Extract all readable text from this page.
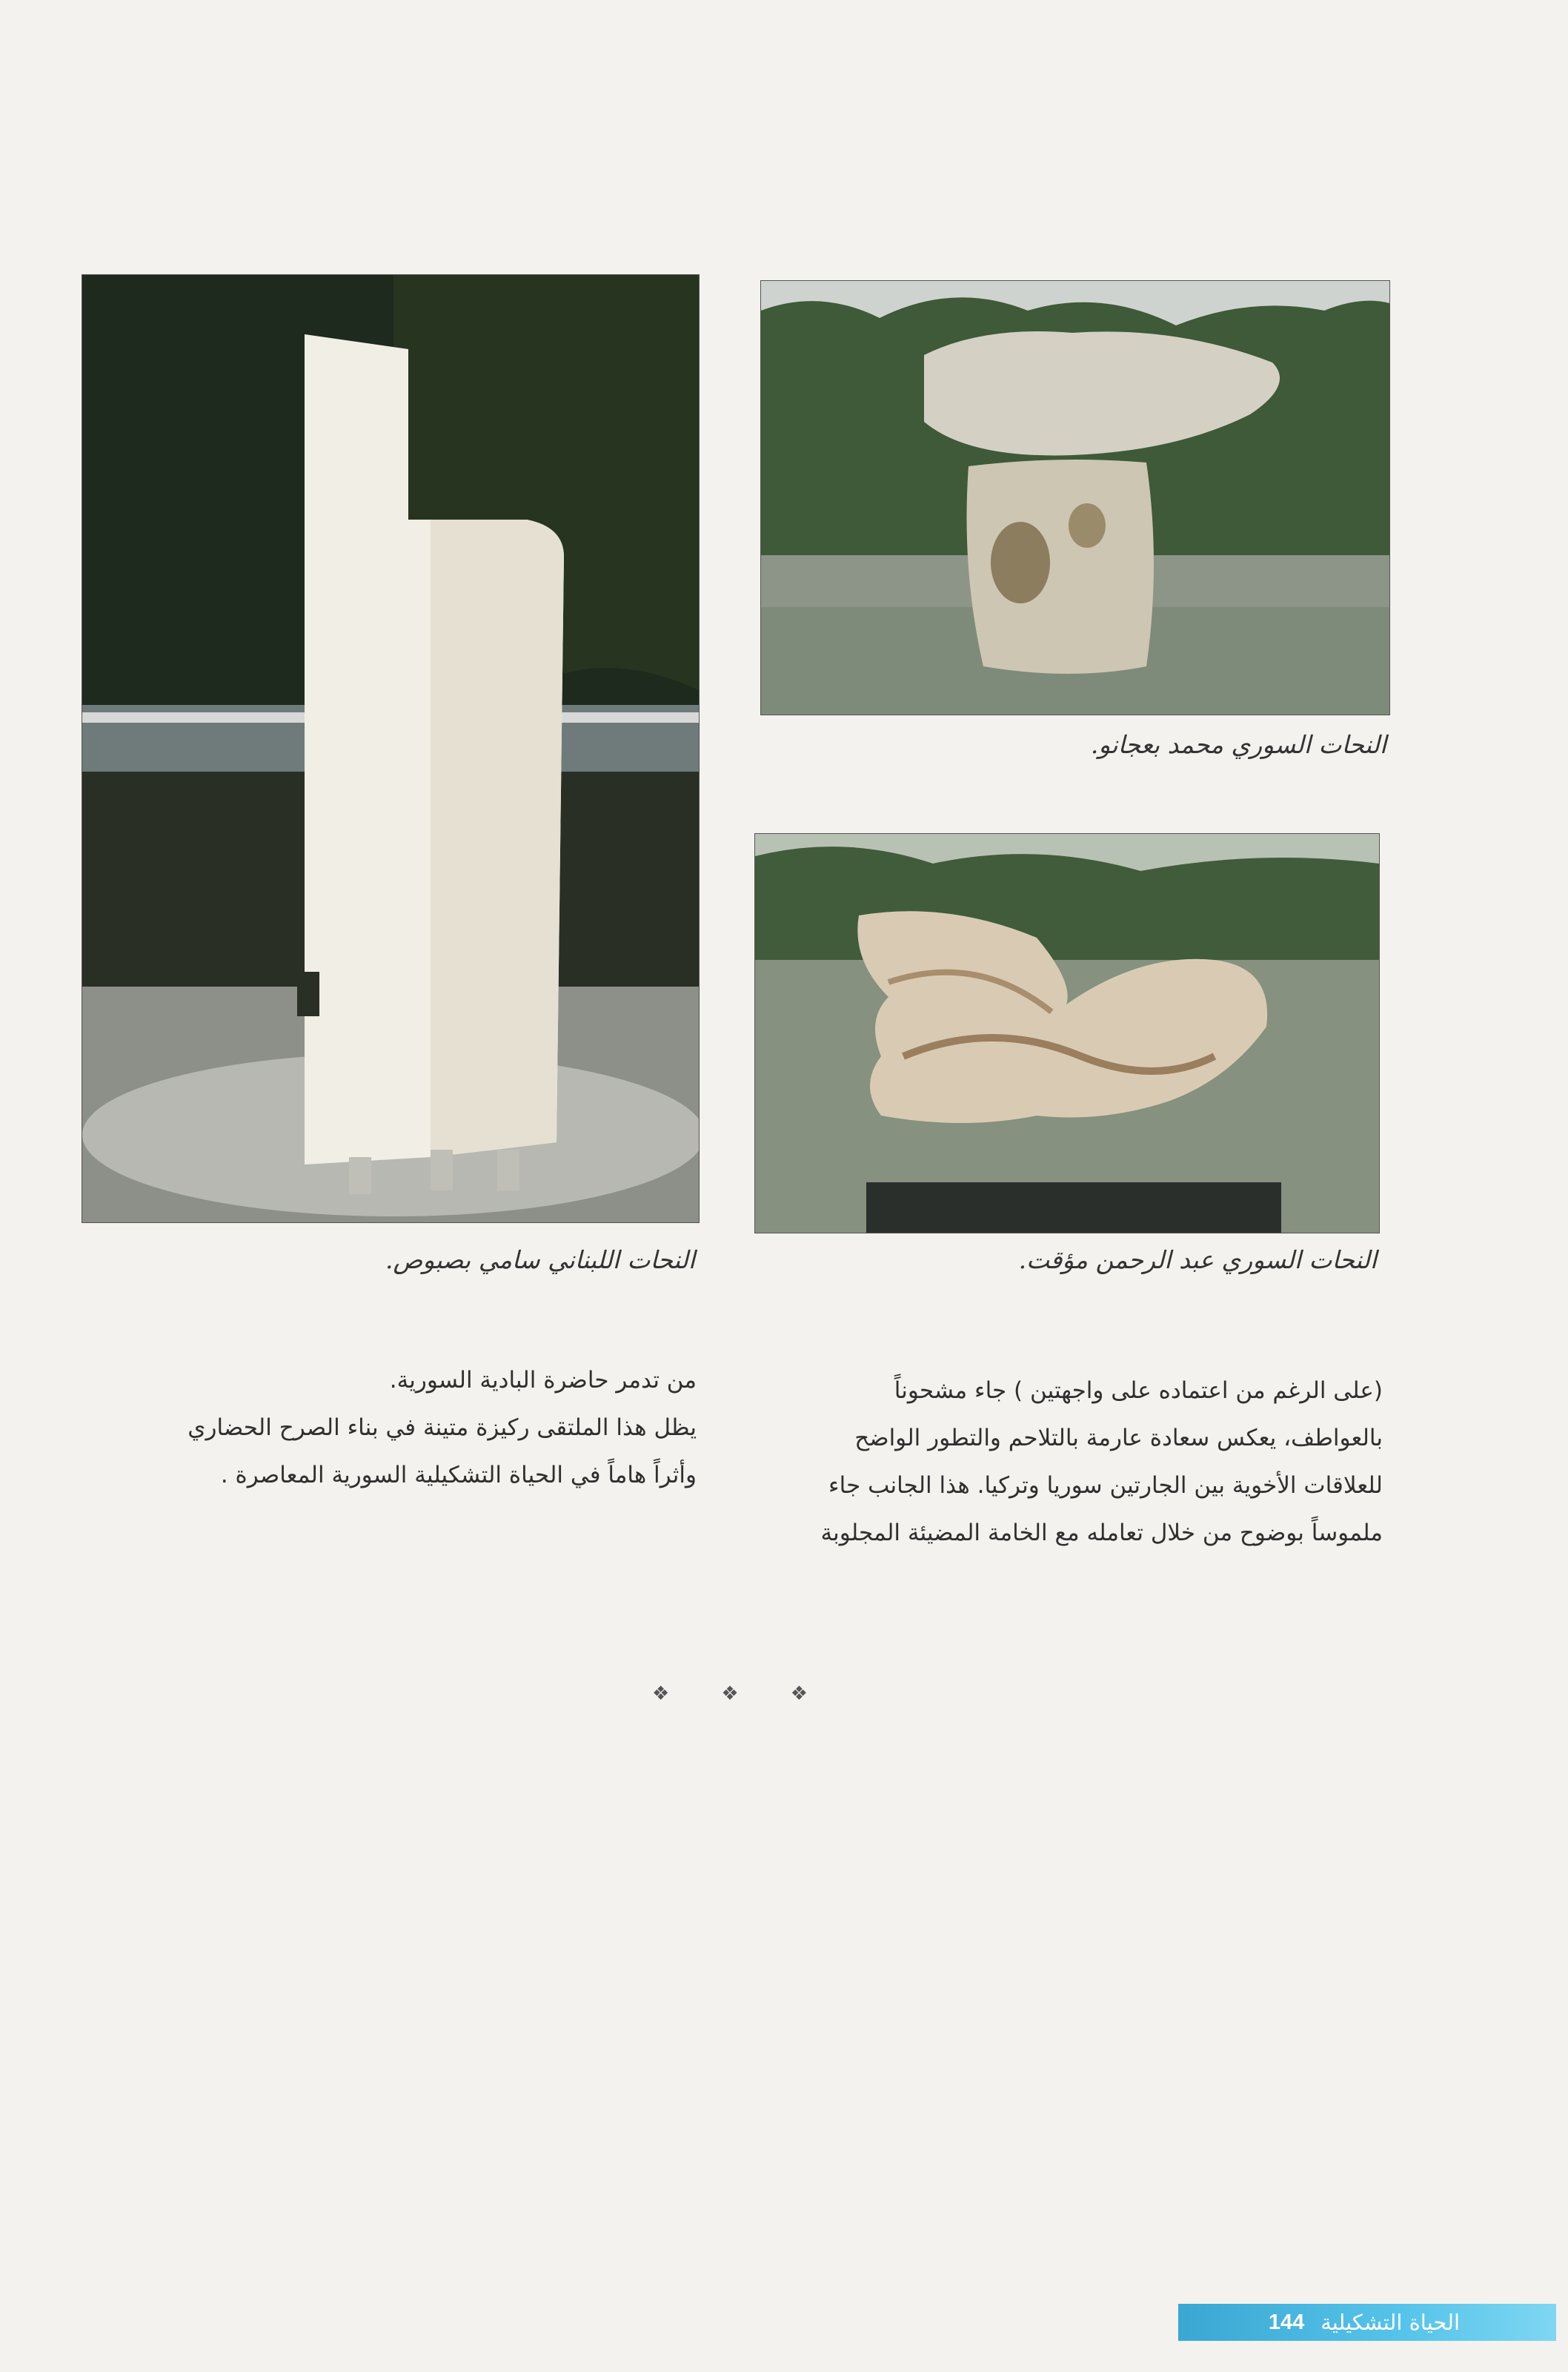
النحات السوري محمد بعجانو.
النحات السوري عبد الرحمن مؤقت.
النحات اللبناني سامي بصبوص.

(على الرغم من اعتماده على واجهتين ) جاء مشحوناً

بالعواطف، يعكس سعادة عارمة بالتلاحم والتطور الواضح

للعلاقات الأخوية بين الجارتين سوريا وتركيا. هذا الجانب جاء

ملموساً بوضوح من خلال تعامله مع الخامة المضيئة المجلوبة

من تدمر حاضرة البادية السورية.

يظل هذا الملتقى ركيزة متينة في بناء الصرح الحضاري

وأثراً هاماً في الحياة التشكيلية السورية المعاصرة .

❖	❖	❖
الحياة التشكيلية
144
